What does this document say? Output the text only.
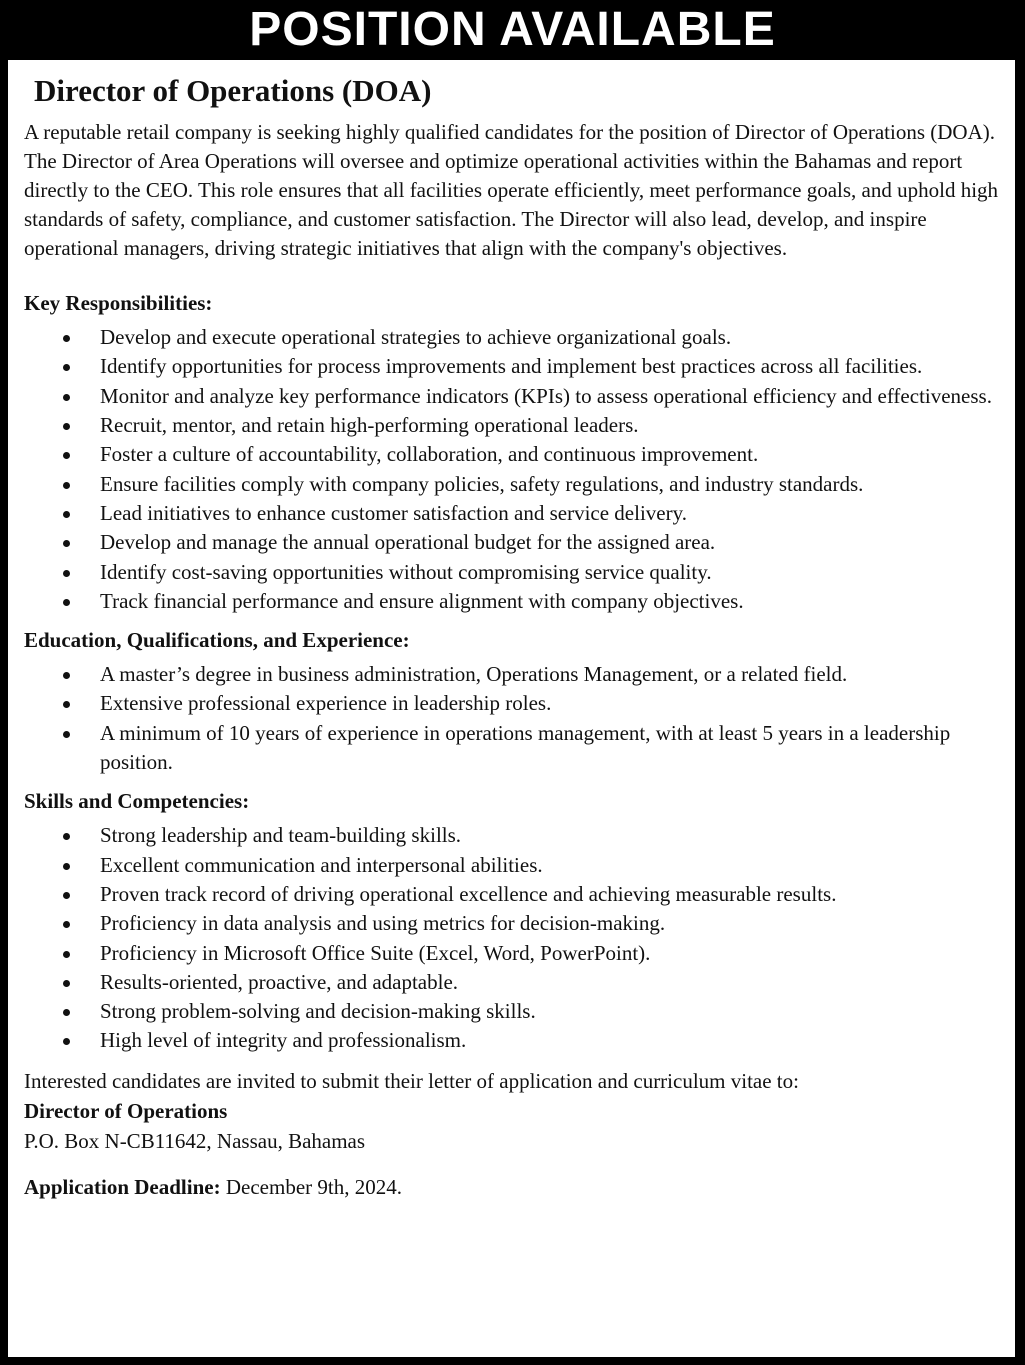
POSITION AVAILABLE
Director of Operations (DOA)

A reputable retail company is seeking highly qualified candidates for the position of Director of Operations (DOA). The Director of Area Operations will oversee and optimize operational activities within the Bahamas and report directly to the CEO. This role ensures that all facilities operate efficiently, meet performance goals, and uphold high standards of safety, compliance, and customer satisfaction. The Director will also lead, develop, and inspire operational managers, driving strategic initiatives that align with the company's objectives.

Key Responsibilities:

Develop and execute operational strategies to achieve organizational goals.
Identify opportunities for process improvements and implement best practices across all facilities.
Monitor and analyze key performance indicators (KPIs) to assess operational efficiency and effectiveness.
Recruit, mentor, and retain high-performing operational leaders.
Foster a culture of accountability, collaboration, and continuous improvement.
Ensure facilities comply with company policies, safety regulations, and industry standards.
Lead initiatives to enhance customer satisfaction and service delivery.
Develop and manage the annual operational budget for the assigned area.
Identify cost-saving opportunities without compromising service quality.
Track financial performance and ensure alignment with company objectives.

Education, Qualifications, and Experience:

A master’s degree in business administration, Operations Management, or a related field.
Extensive professional experience in leadership roles.
A minimum of 10 years of experience in operations management, with at least 5 years in a leadership position.

Skills and Competencies:

Strong leadership and team-building skills.
Excellent communication and interpersonal abilities.
Proven track record of driving operational excellence and achieving measurable results.
Proficiency in data analysis and using metrics for decision-making.
Proficiency in Microsoft Office Suite (Excel, Word, PowerPoint).
Results-oriented, proactive, and adaptable.
Strong problem-solving and decision-making skills.
High level of integrity and professionalism.
Interested candidates are invited to submit their letter of application and curriculum vitae to:
Director of Operations
P.O. Box N-CB11642, Nassau, Bahamas
Application Deadline: December 9th, 2024.
